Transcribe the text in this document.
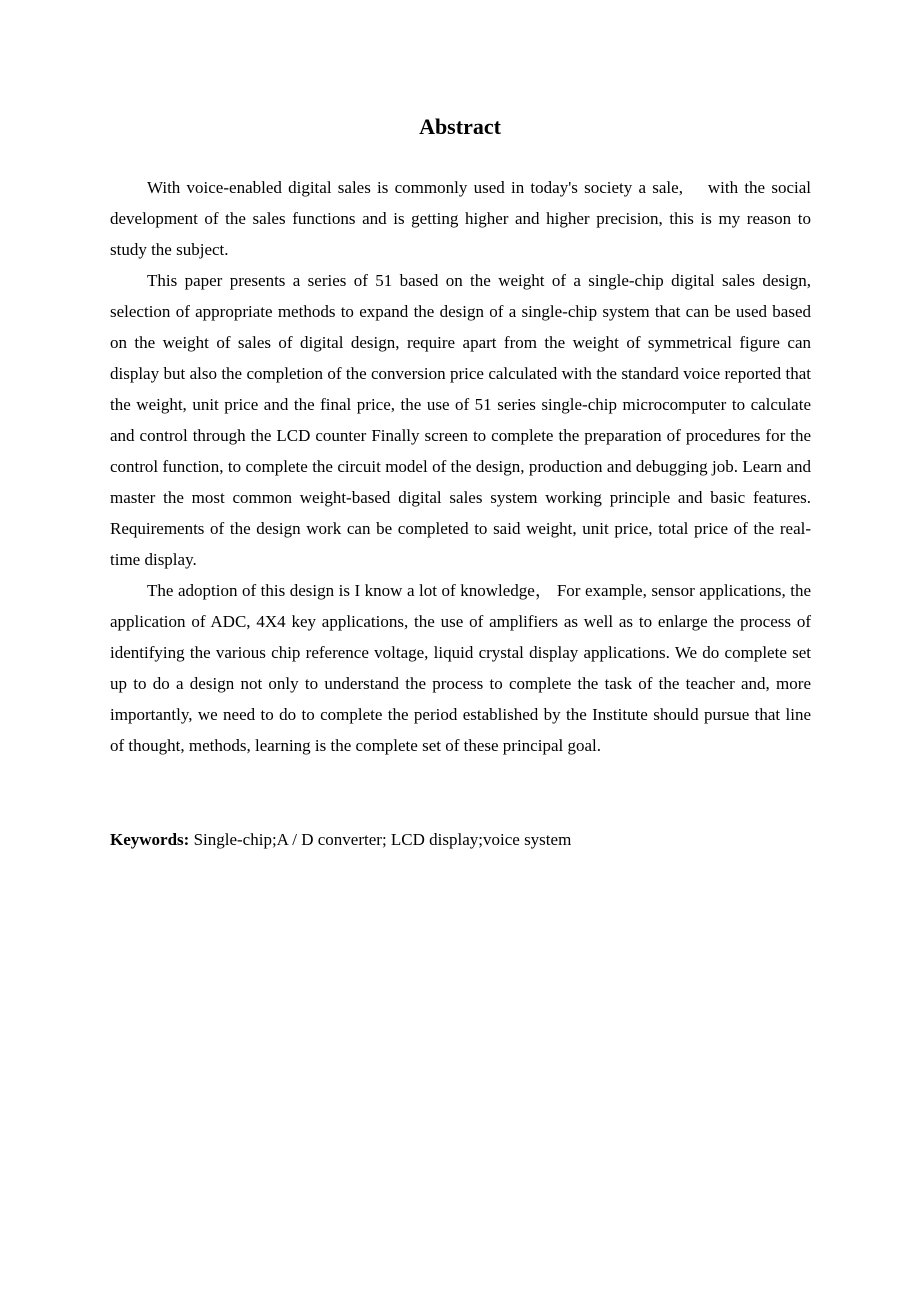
Abstract

With voice-enabled digital sales is commonly used in today's society a sale,    with the social development of the sales functions and is getting higher and higher precision, this is my reason to study the subject.

This paper presents a series of 51 based on the weight of a single-chip digital sales design, selection of appropriate methods to expand the design of a single-chip system that can be used based on the weight of sales of digital design, require apart from the weight of symmetrical figure can display but also the completion of the conversion price calculated with the standard voice reported that the weight, unit price and the final price, the use of 51 series single-chip microcomputer to calculate and control through the LCD counter Finally screen to complete the preparation of procedures for the control function, to complete the circuit model of the design, production and debugging job. Learn and master the most common weight-based digital sales system working principle and basic features. Requirements of the design work can be completed to said weight, unit price, total price of the real-time display.

The adoption of this design is I know a lot of knowledge， For example, sensor applications, the application of ADC, 4X4 key applications, the use of amplifiers as well as to enlarge the process of identifying the various chip reference voltage, liquid crystal display applications. We do complete set up to do a design not only to understand the process to complete the task of the teacher and, more importantly, we need to do to complete the period established by the Institute should pursue that line of thought, methods, learning is the complete set of these principal goal.

Keywords: Single-chip;A / D converter; LCD display;voice system
